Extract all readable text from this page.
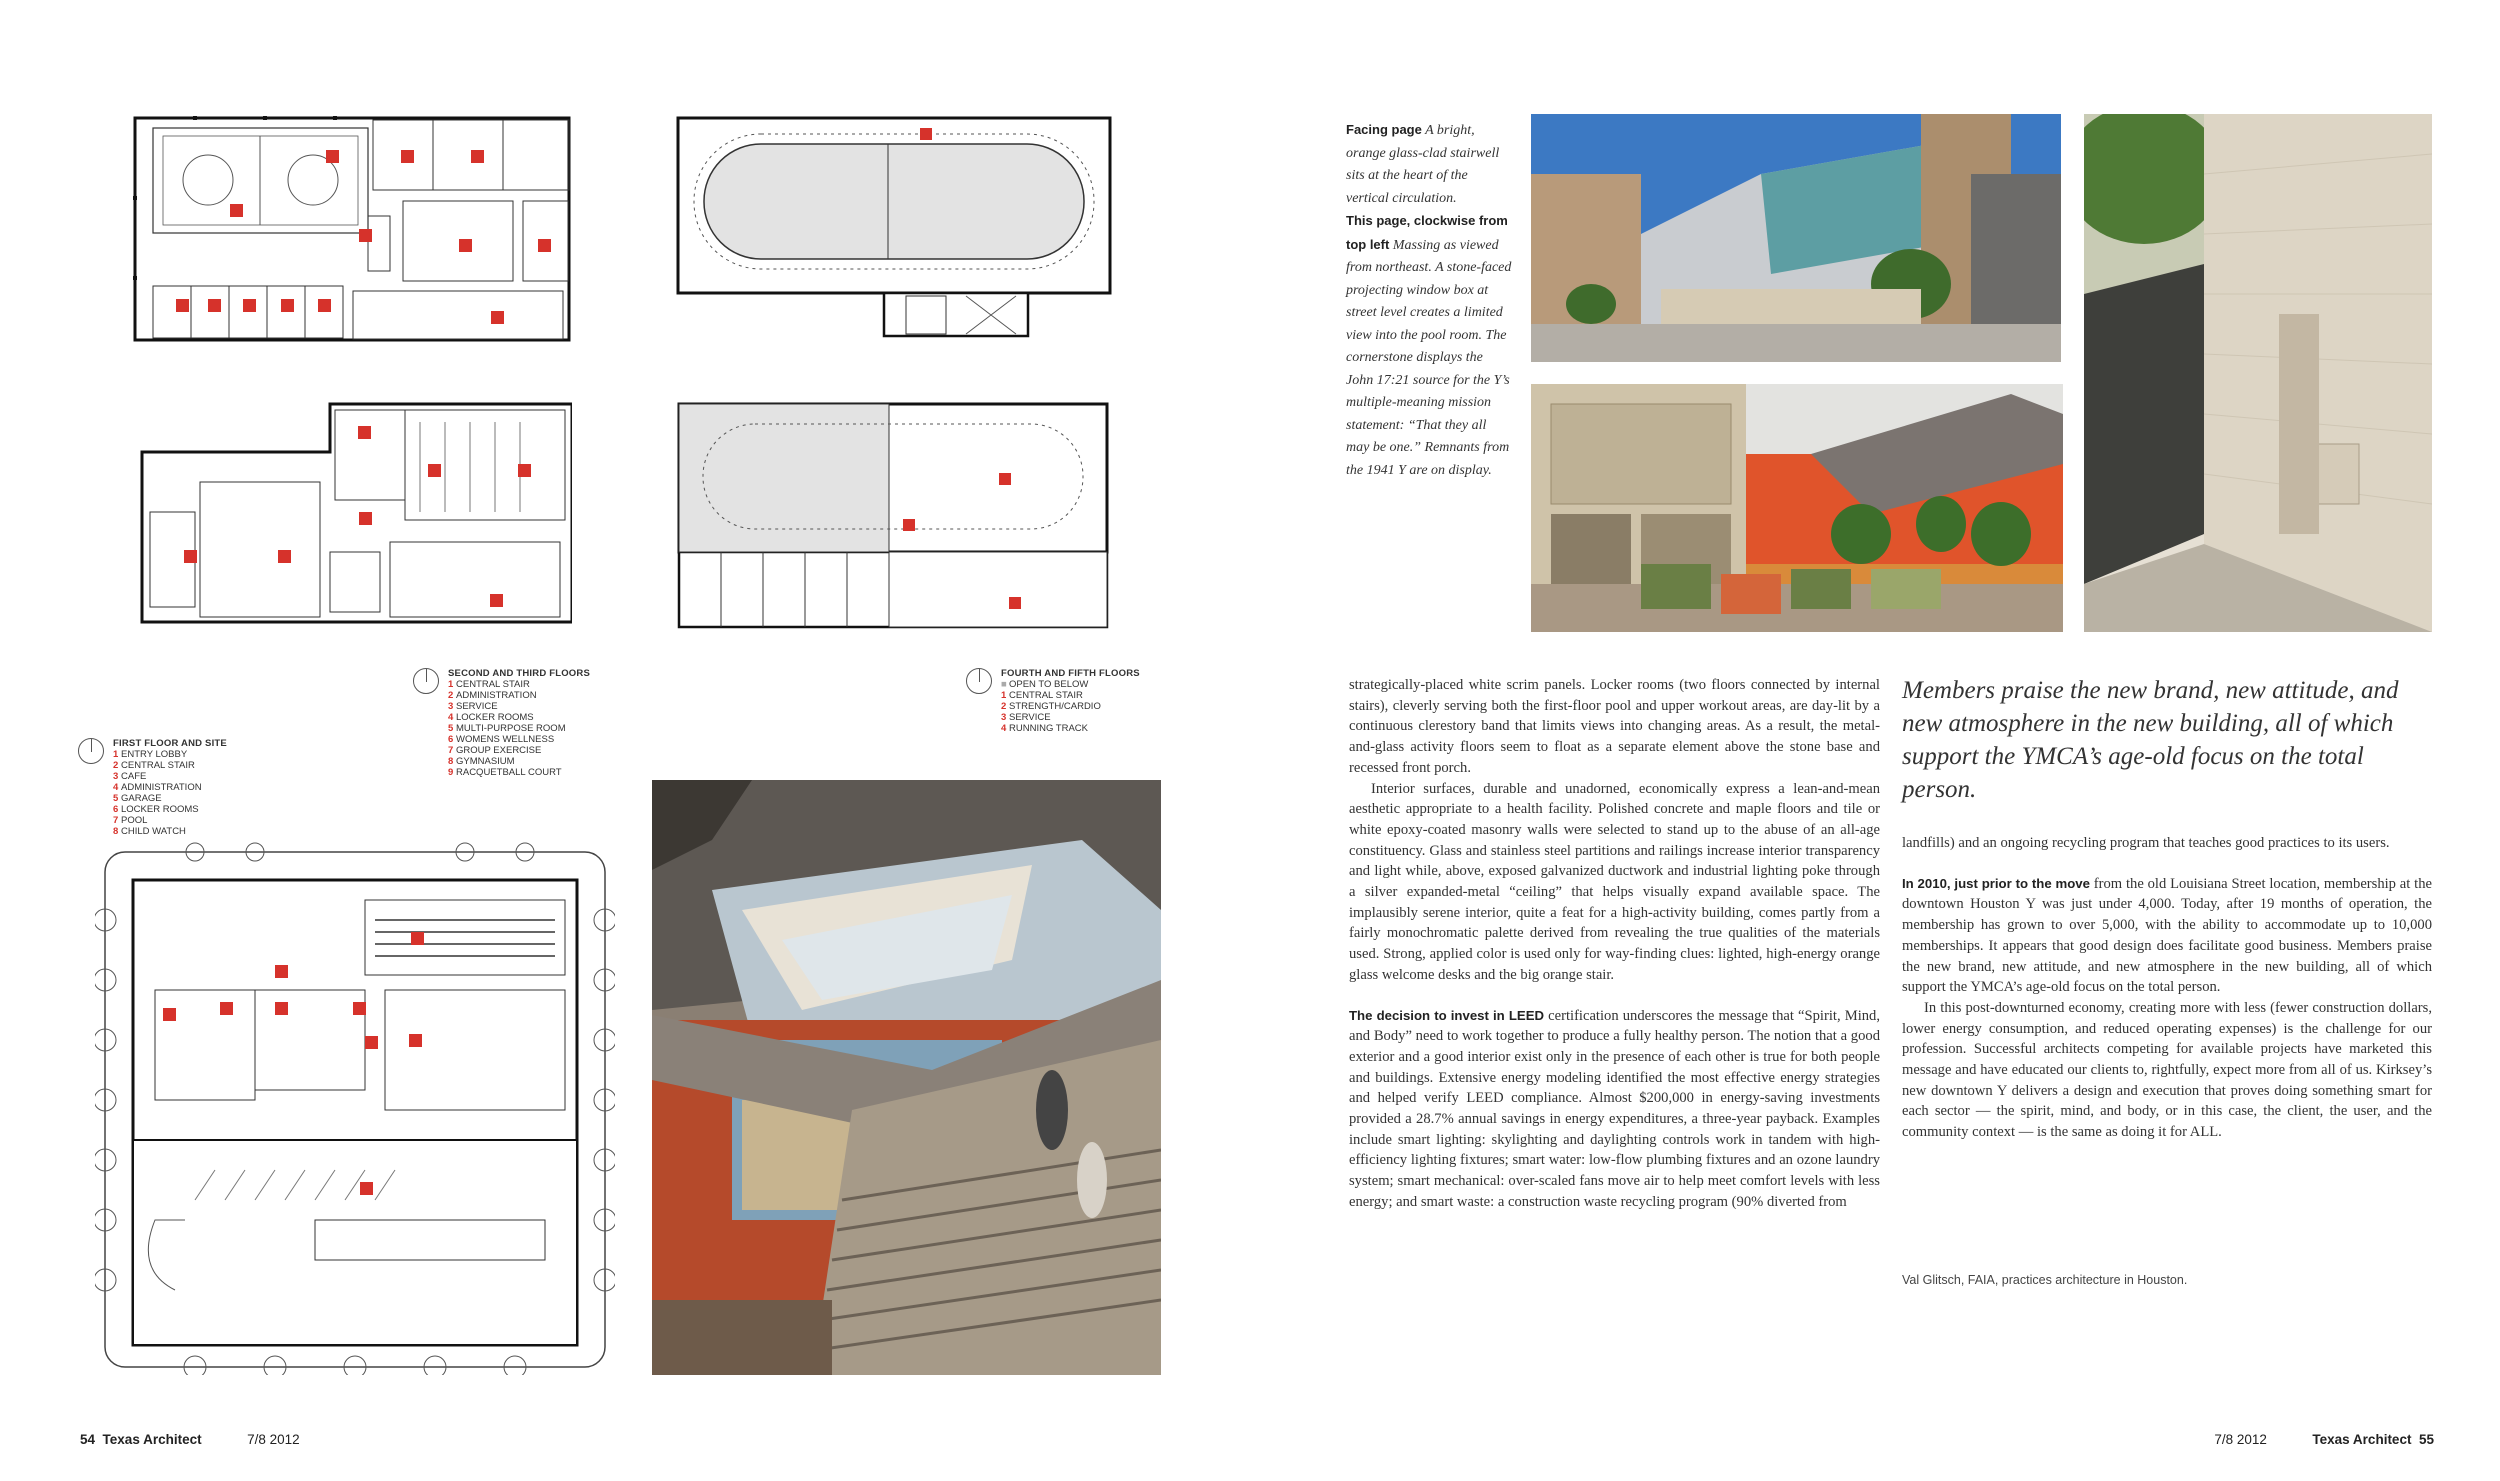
SECOND AND THIRD FLOORS
1 CENTRAL STAIR
2 ADMINISTRATION
3 SERVICE
4 LOCKER ROOMS
5 MULTI-PURPOSE ROOM
6 WOMENS WELLNESS
7 GROUP EXERCISE
8 GYMNASIUM
9 RACQUETBALL COURT
FOURTH AND FIFTH FLOORS
■ OPEN TO BELOW
1 CENTRAL STAIR
2 STRENGTH/CARDIO
3 SERVICE
4 RUNNING TRACK
FIRST FLOOR AND SITE
1 ENTRY LOBBY
2 CENTRAL STAIR
3 CAFE
4 ADMINISTRATION
5 GARAGE
6 LOCKER ROOMS
7 POOL
8 CHILD WATCH
Facing page A bright, orange glass-clad stairwell sits at the heart of the vertical circulation.
This page, clockwise from top left Massing as viewed from northeast. A stone-faced projecting window box at street level creates a limited view into the pool room. The cornerstone displays the John 17:21 source for the Y’s multiple-meaning mission statement: “That they all may be one.” Remnants from the 1941 Y are on display.

strategically-placed white scrim panels. Locker rooms (two floors connected by internal stairs), cleverly serving both the first-floor pool and upper workout areas, are day-lit by a continuous clerestory band that limits views into changing areas. As a result, the metal-and-glass activity floors seem to float as a separate element above the stone base and recessed front porch.

Interior surfaces, durable and unadorned, economically express a lean-and-mean aesthetic appropriate to a health facility. Polished concrete and maple floors and tile or white epoxy-coated masonry walls were selected to stand up to the abuse of an all-age constituency. Glass and stainless steel partitions and railings increase interior transparency and light while, above, exposed galvanized ductwork and industrial lighting poke through a silver expanded-metal “ceiling” that helps visually expand available space. The implausibly serene interior, quite a feat for a high-activity building, comes partly from a fairly monochromatic palette derived from revealing the true qualities of the materials used. Strong, applied color is used only for way-finding clues: lighted, high-energy orange glass welcome desks and the big orange stair.

The decision to invest in LEED certification underscores the message that “Spirit, Mind, and Body” need to work together to produce a fully healthy person. The notion that a good exterior and a good interior exist only in the presence of each other is true for both people and buildings. Extensive energy modeling identified the most effective energy strategies and helped verify LEED compliance. Almost $200,000 in energy-saving investments provided a 28.7% annual savings in energy expenditures, a three-year payback. Examples include smart lighting: skylighting and daylighting controls work in tandem with high-efficiency lighting fixtures; smart water: low-flow plumbing fixtures and an ozone laundry system; smart mechanical: over-scaled fans move air to help meet comfort levels with less energy; and smart waste: a construction waste recycling program (90% diverted from

Members praise the new brand, new attitude, and new atmosphere in the new building, all of which support the YMCA’s age-old focus on the total person.

landfills) and an ongoing recycling program that teaches good practices to its users.

In 2010, just prior to the move from the old Louisiana Street location, membership at the downtown Houston Y was just under 4,000. Today, after 19 months of operation, the membership has grown to over 5,000, with the ability to accommodate up to 10,000 memberships. It appears that good design does facilitate good business. Members praise the new brand, new attitude, and new atmosphere in the new building, all of which support the YMCA’s age-old focus on the total person.

In this post-downturned economy, creating more with less (fewer construction dollars, lower energy consumption, and reduced operating expenses) is the challenge for our profession. Successful architects competing for available projects have marketed this message and have educated our clients to, rightfully, expect more from all of us. Kirksey’s new downtown Y delivers a design and execution that proves doing something smart for each sector — the spirit, mind, and body, or in this case, the client, the user, and the community context — is the same as doing it for ALL.

Val Glitsch, FAIA, practices architecture in Houston.
54 Texas Architect	7/8 2012	7/8 2012	Texas Architect 55
